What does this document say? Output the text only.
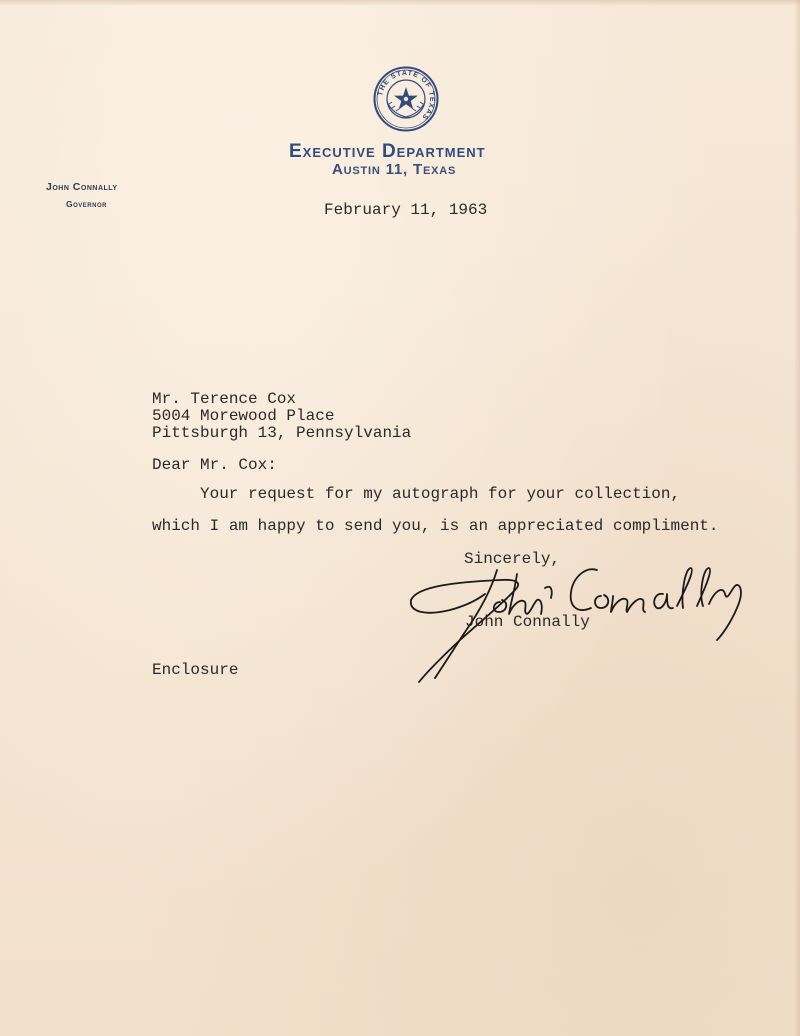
THE STATE OF TEXAS
Executive Department
Austin 11, Texas
John Connally
Governor	February 11, 1963
Mr. Terence Cox
5004 Morewood Place
Pittsburgh 13, Pennsylvania
Dear Mr. Cox:
Your request for my autograph for your collection,
which I am happy to send you, is an appreciated compliment.
Sincerely,
John Connally
Enclosure
